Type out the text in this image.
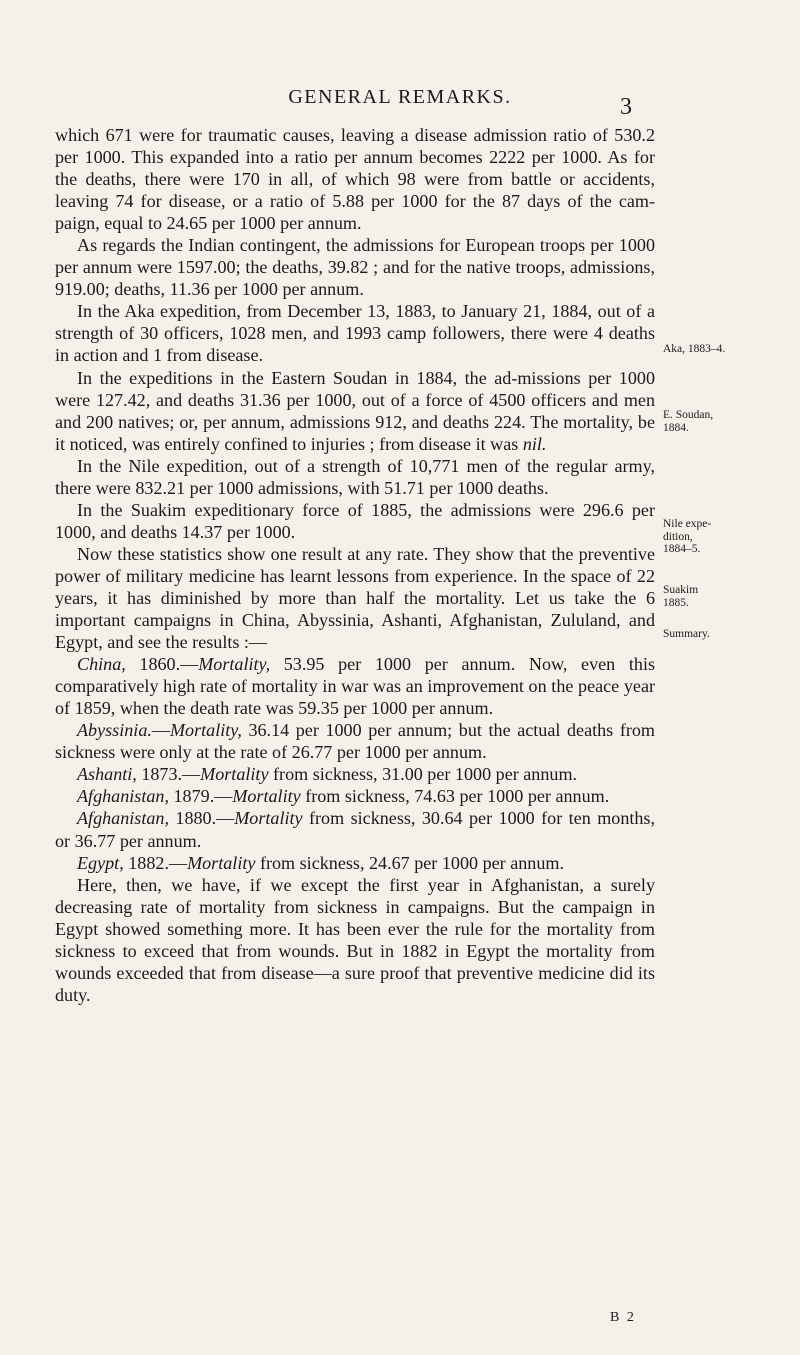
GENERAL REMARKS.	3

which 671 were for traumatic causes, leaving a disease admission ratio of 530.2 per 1000. This expanded into a ratio per annum becomes 2222 per 1000. As for the deaths, there were 170 in all, of which 98 were from battle or accidents, leaving 74 for disease, or a ratio of 5.88 per 1000 for the 87 days of the cam-paign, equal to 24.65 per 1000 per annum.

As regards the Indian contingent, the admissions for European troops per 1000 per annum were 1597.00; the deaths, 39.82 ; and for the native troops, admissions, 919.00; deaths, 11.36 per 1000 per annum.

In the Aka expedition, from December 13, 1883, to January 21, 1884, out of a strength of 30 officers, 1028 men, and 1993 camp followers, there were 4 deaths in action and 1 from disease.

In the expeditions in the Eastern Soudan in 1884, the ad-missions per 1000 were 127.42, and deaths 31.36 per 1000, out of a force of 4500 officers and men and 200 natives; or, per annum, admissions 912, and deaths 224. The mortality, be it noticed, was entirely confined to injuries ; from disease it was nil.

In the Nile expedition, out of a strength of 10,771 men of the regular army, there were 832.21 per 1000 admissions, with 51.71 per 1000 deaths.

In the Suakim expeditionary force of 1885, the admissions were 296.6 per 1000, and deaths 14.37 per 1000.

Now these statistics show one result at any rate. They show that the preventive power of military medicine has learnt lessons from experience. In the space of 22 years, it has diminished by more than half the mortality. Let us take the 6 important campaigns in China, Abyssinia, Ashanti, Afghanistan, Zululand, and Egypt, and see the results :—

China, 1860.—Mortality, 53.95 per 1000 per annum. Now, even this comparatively high rate of mortality in war was an improvement on the peace year of 1859, when the death rate was 59.35 per 1000 per annum.

Abyssinia.—Mortality, 36.14 per 1000 per annum; but the actual deaths from sickness were only at the rate of 26.77 per 1000 per annum.

Ashanti, 1873.—Mortality from sickness, 31.00 per 1000 per annum.

Afghanistan, 1879.—Mortality from sickness, 74.63 per 1000 per annum.

Afghanistan, 1880.—Mortality from sickness, 30.64 per 1000 for ten months, or 36.77 per annum.

Egypt, 1882.—Mortality from sickness, 24.67 per 1000 per annum.

Here, then, we have, if we except the first year in Afghanistan, a surely decreasing rate of mortality from sickness in campaigns. But the campaign in Egypt showed something more. It has been ever the rule for the mortality from sickness to exceed that from wounds. But in 1882 in Egypt the mortality from wounds exceeded that from disease—a sure proof that preventive medicine did its duty.

Aka, 1883–4.
E. Soudan,
1884.
Nile expe-
dition,
1884–5.
Suakim
1885.
Summary.
B 2
